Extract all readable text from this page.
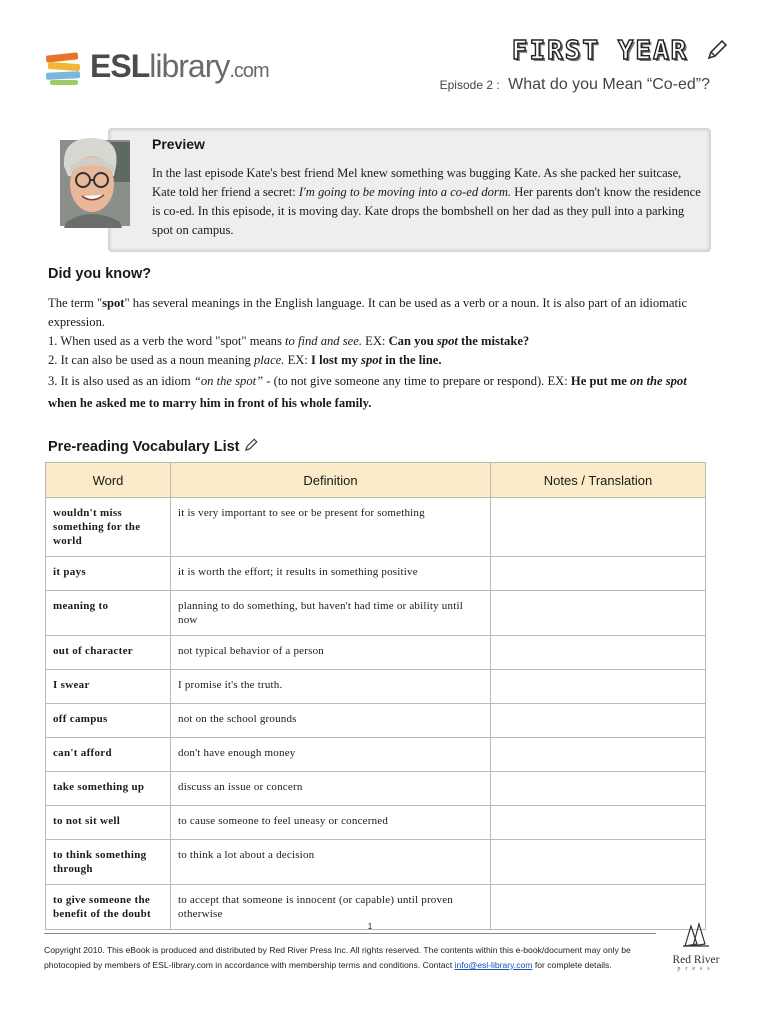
ESLlibrary.com
FIRST YEAR
Episode 2 : What do you Mean “Co-ed”?
Preview
In the last episode Kate's best friend Mel knew something was bugging Kate. As she packed her suitcase, Kate told her friend a secret: I'm going to be moving into a co-ed dorm. Her parents don't know the residence is co-ed. In this episode, it is moving day. Kate drops the bombshell on her dad as they pull into a parking spot on campus.
Did you know?

The term "spot" has several meanings in the English language. It can be used as a verb or a noun. It is also part of an idiomatic expression.

1. When used as a verb the word "spot" means to find and see. EX: Can you spot the mistake?

2. It can also be used as a noun meaning place. EX: I lost my spot in the line.

3. It is also used as an idiom “on the spot” - (to not give someone any time to prepare or respond). EX: He put me on the spot when he asked me to marry him in front of his whole family.

Pre-reading Vocabulary List
Word	Definition	Notes / Translation
wouldn't miss something for the world	it is very important to see or be present for something	
it pays	it is worth the effort; it results in something positive	
meaning to	planning to do something, but haven't had time or ability until now	
out of character	not typical behavior of a person	
I swear	I promise it's the truth.	
off campus	not on the school grounds	
can't afford	don't have enough money	
take something up	discuss an issue or concern	
to not sit well	to cause someone to feel uneasy or concerned	
to think something through	to think a lot about a decision	
to give someone the benefit of the doubt	to accept that someone is innocent (or capable) until proven otherwise	
1
Copyright 2010. This eBook is produced and distributed by Red River Press Inc. All rights reserved. The contents within this e-book/document may only be photocopied by members of ESL-library.com in accordance with membership terms and conditions. Contact info@esl-library.com for complete details.	Red River
press
